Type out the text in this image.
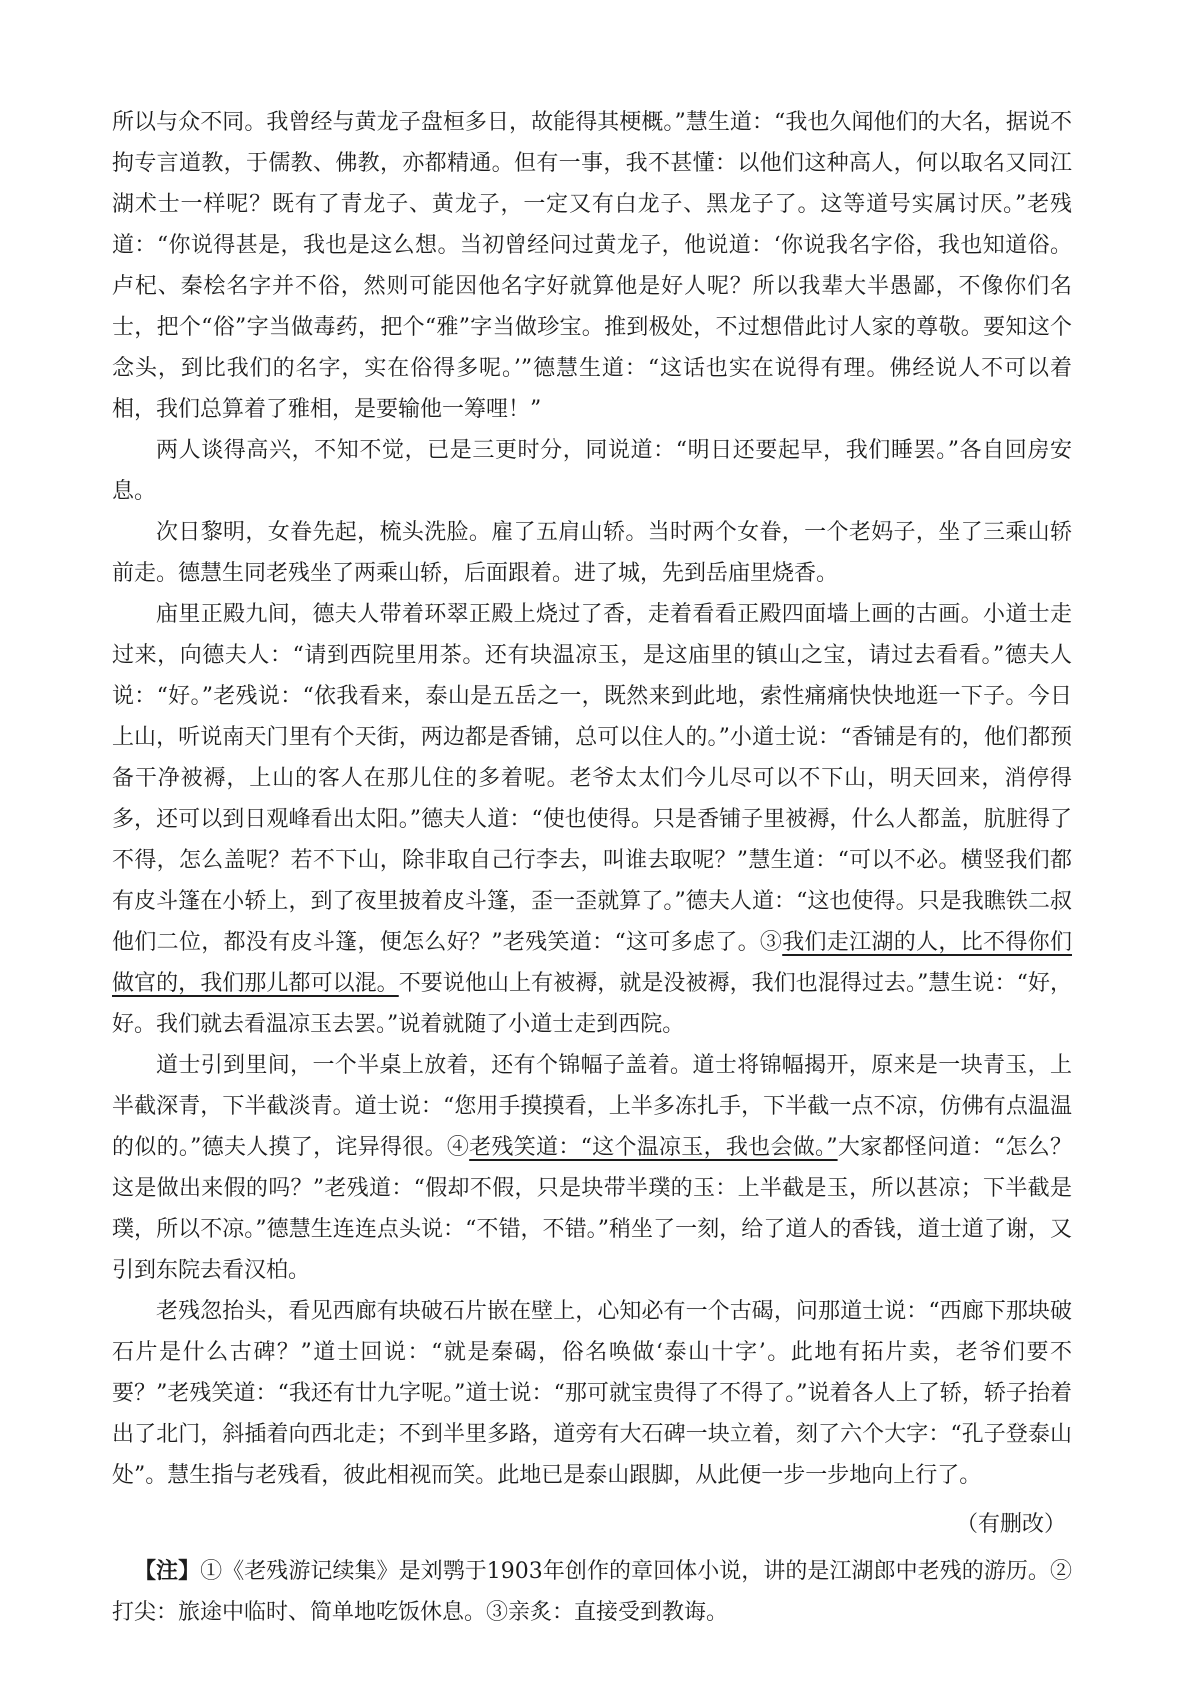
所以与众不同。我曾经与黄龙子盘桓多日，故能得其梗概。”慧生道：“我也久闻他们的大名，据说不拘专言道教，于儒教、佛教，亦都精通。但有一事，我不甚懂：以他们这种高人，何以取名又同江湖术士一样呢？既有了青龙子、黄龙子，一定又有白龙子、黑龙子了。这等道号实属讨厌。”老残道：“你说得甚是，我也是这么想。当初曾经问过黄龙子，他说道：‘你说我名字俗，我也知道俗。卢杞、秦桧名字并不俗，然则可能因他名字好就算他是好人呢？所以我辈大半愚鄙，不像你们名士，把个“俗”字当做毒药，把个“雅”字当做珍宝。推到极处，不过想借此讨人家的尊敬。要知这个念头，到比我们的名字，实在俗得多呢。’”德慧生道：“这话也实在说得有理。佛经说人不可以着相，我们总算着了雅相，是要输他一筹哩！”

两人谈得高兴，不知不觉，已是三更时分，同说道：“明日还要起早，我们睡罢。”各自回房安息。

次日黎明，女眷先起，梳头洗脸。雇了五肩山轿。当时两个女眷，一个老妈子，坐了三乘山轿前走。德慧生同老残坐了两乘山轿，后面跟着。进了城，先到岳庙里烧香。

庙里正殿九间，德夫人带着环翠正殿上烧过了香，走着看看正殿四面墙上画的古画。小道士走过来，向德夫人：“请到西院里用茶。还有块温凉玉，是这庙里的镇山之宝，请过去看看。”德夫人说：“好。”老残说：“依我看来，泰山是五岳之一，既然来到此地，索性痛痛快快地逛一下子。今日上山，听说南天门里有个天街，两边都是香铺，总可以住人的。”小道士说：“香铺是有的，他们都预备干净被褥，上山的客人在那儿住的多着呢。老爷太太们今儿尽可以不下山，明天回来，消停得多，还可以到日观峰看出太阳。”德夫人道：“使也使得。只是香铺子里被褥，什么人都盖，肮脏得了不得，怎么盖呢？若不下山，除非取自己行李去，叫谁去取呢？”慧生道：“可以不必。横竖我们都有皮斗篷在小轿上，到了夜里披着皮斗篷，歪一歪就算了。”德夫人道：“这也使得。只是我瞧铁二叔他们二位，都没有皮斗篷，便怎么好？”老残笑道：“这可多虑了。③我们走江湖的人，比不得你们做官的，我们那儿都可以混。不要说他山上有被褥，就是没被褥，我们也混得过去。”慧生说：“好，好。我们就去看温凉玉去罢。”说着就随了小道士走到西院。

道士引到里间，一个半桌上放着，还有个锦幅子盖着。道士将锦幅揭开，原来是一块青玉，上半截深青，下半截淡青。道士说：“您用手摸摸看，上半多冻扎手，下半截一点不凉，仿佛有点温温的似的。”德夫人摸了，诧异得很。④老残笑道：“这个温凉玉，我也会做。”大家都怪问道：“怎么？这是做出来假的吗？”老残道：“假却不假，只是块带半璞的玉：上半截是玉，所以甚凉；下半截是璞，所以不凉。”德慧生连连点头说：“不错，不错。”稍坐了一刻，给了道人的香钱，道士道了谢，又引到东院去看汉柏。

老残忽抬头，看见西廊有块破石片嵌在壁上，心知必有一个古碣，问那道士说：“西廊下那块破石片是什么古碑？”道士回说：“就是秦碣，俗名唤做‘泰山十字’。此地有拓片卖，老爷们要不要？”老残笑道：“我还有廿九字呢。”道士说：“那可就宝贵得了不得了。”说着各人上了轿，轿子抬着出了北门，斜插着向西北走；不到半里多路，道旁有大石碑一块立着，刻了六个大字：“孔子登泰山处”。慧生指与老残看，彼此相视而笑。此地已是泰山跟脚，从此便一步一步地向上行了。

（有删改）

【注】①《老残游记续集》是刘鹗于1903年创作的章回体小说，讲的是江湖郎中老残的游历。②打尖：旅途中临时、简单地吃饭休息。③亲炙：直接受到教诲。
